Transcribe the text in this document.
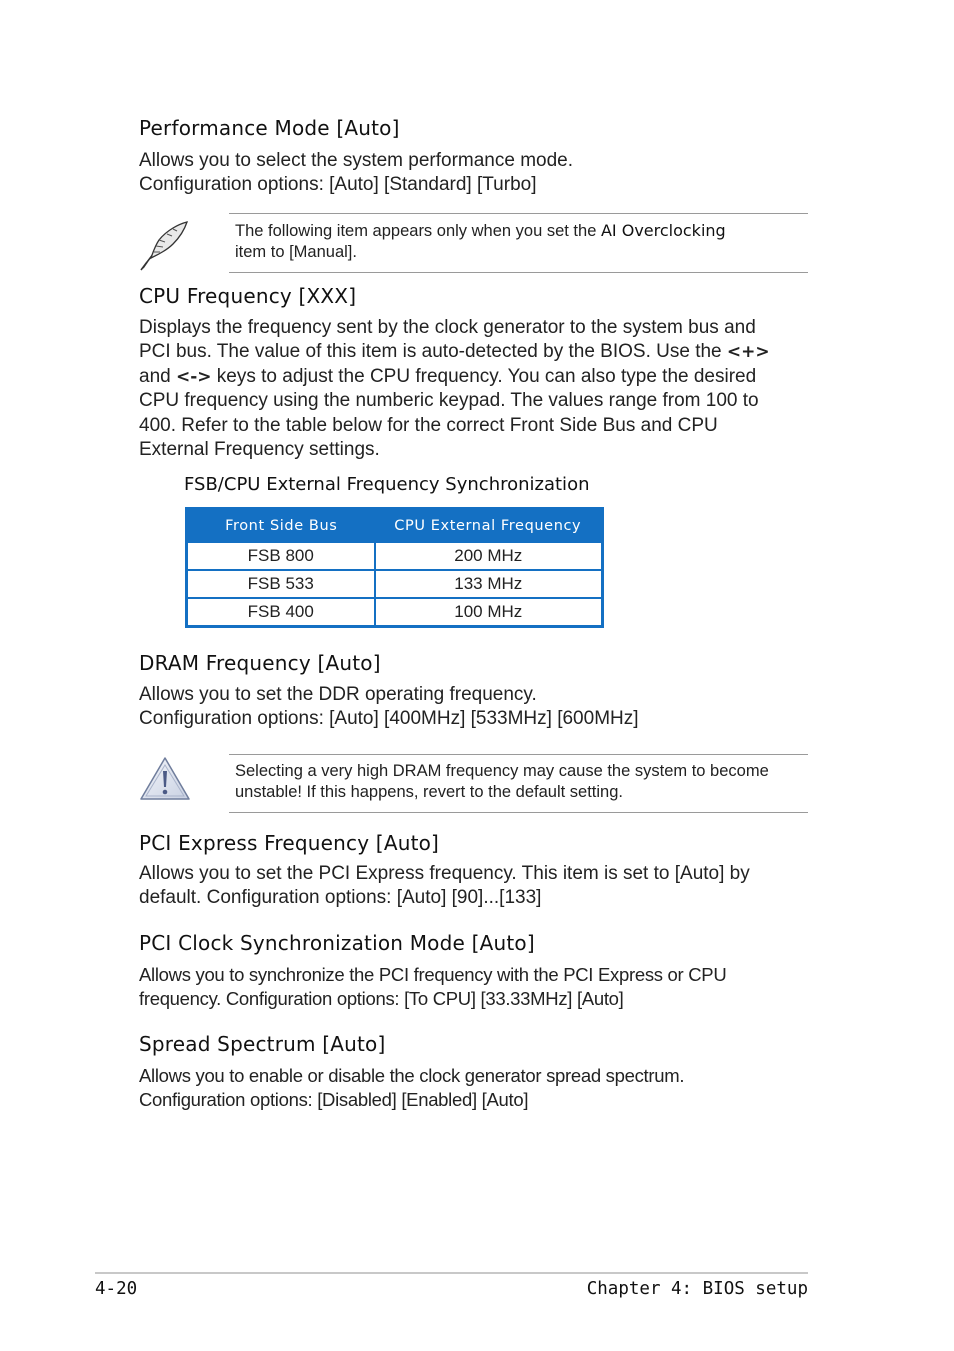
Performance Mode [Auto]

Allows you to select the system performance mode.

Configuration options: [Auto] [Standard] [Turbo]

The following item appears only when you set the AI Overclocking

item to [Manual].

CPU Frequency [XXX]

Displays the frequency sent by the clock generator to the system bus and

PCI bus. The value of this item is auto-detected by the BIOS. Use the <+>

and <-> keys to adjust the CPU frequency. You can also type the desired

CPU frequency using the numberic keypad. The values range from 100 to

400. Refer to the table below for the correct Front Side Bus and CPU

External Frequency settings.

FSB/CPU External Frequency Synchronization
Front Side Bus	CPU External Frequency
FSB 800	200 MHz
FSB 533	133 MHz
FSB 400	100 MHz
DRAM Frequency [Auto]

Allows you to set the DDR operating frequency.

Configuration options: [Auto] [400MHz] [533MHz] [600MHz]

Selecting a very high DRAM frequency may cause the system to become

unstable! If this happens, revert to the default setting.

PCI Express Frequency [Auto]

Allows you to set the PCI Express frequency. This item is set to [Auto] by

default. Configuration options: [Auto] [90]...[133]

PCI Clock Synchronization Mode [Auto]

Allows you to synchronize the PCI frequency with the PCI Express or CPU

frequency. Configuration options: [To CPU] [33.33MHz] [Auto]

Spread Spectrum [Auto]

Allows you to enable or disable the clock generator spread spectrum.

Configuration options: [Disabled] [Enabled] [Auto]

4-20	Chapter 4: BIOS setup
